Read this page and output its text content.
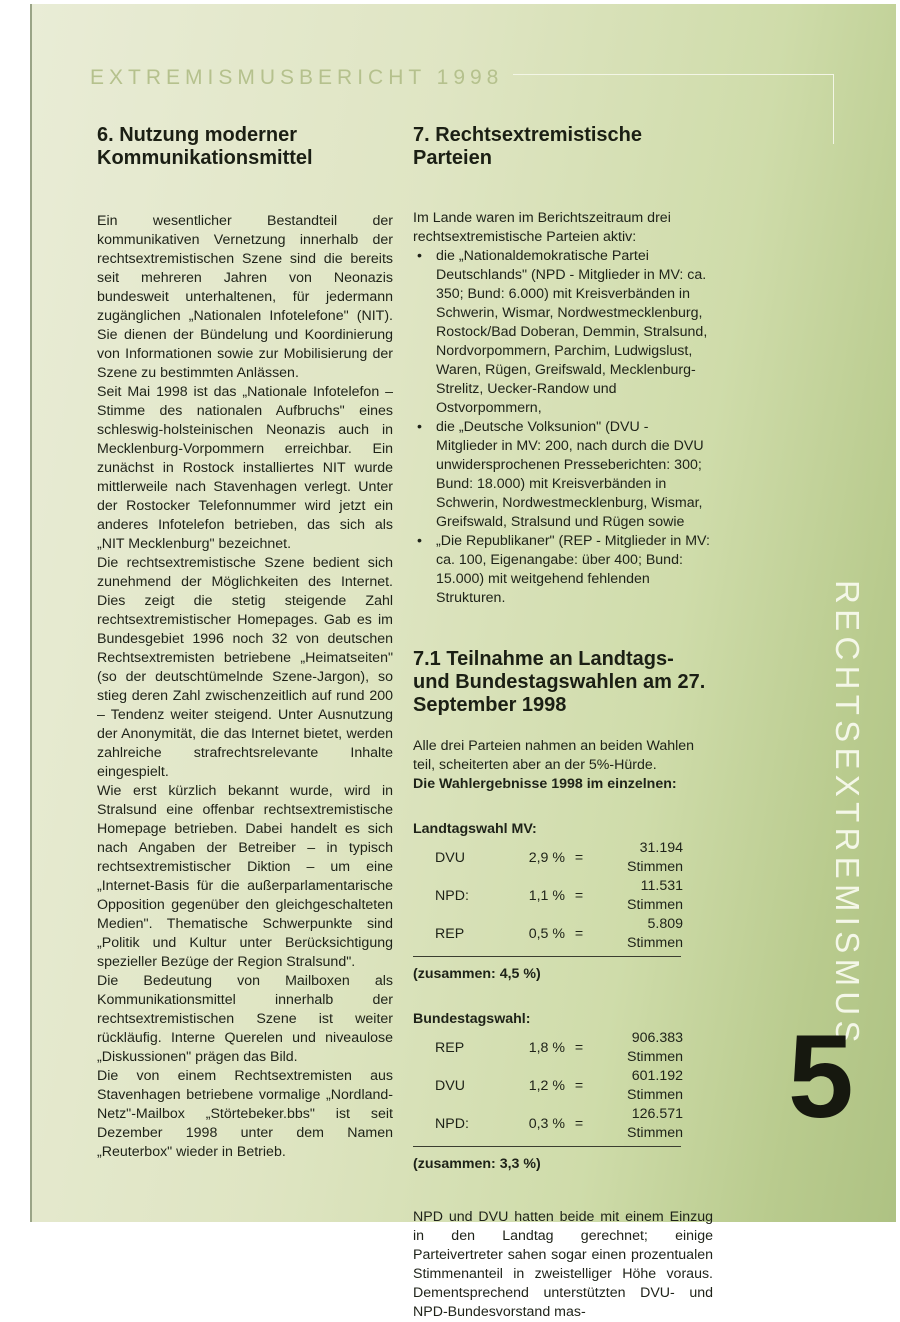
EXTREMISMUSBERICHT 1998
6. Nutzung moderner Kommunikationsmittel

Ein wesentlicher Bestandteil der kommunikativen Vernetzung innerhalb der rechtsextremistischen Szene sind die bereits seit mehreren Jahren von Neonazis bundesweit unterhaltenen, für jedermann zugänglichen „Nationalen Infotelefone" (NIT). Sie dienen der Bündelung und Koordinierung von Informationen sowie zur Mobilisierung der Szene zu bestimmten Anlässen.

Seit Mai 1998 ist das „Nationale Infotelefon – Stimme des nationalen Aufbruchs" eines schleswig-holsteinischen Neonazis auch in Mecklenburg-Vorpommern erreichbar. Ein zunächst in Rostock installiertes NIT wurde mittlerweile nach Stavenhagen verlegt. Unter der Rostocker Telefonnummer wird jetzt ein anderes Infotelefon betrieben, das sich als „NIT Mecklenburg" bezeichnet.

Die rechtsextremistische Szene bedient sich zunehmend der Möglichkeiten des Internet. Dies zeigt die stetig steigende Zahl rechtsextremistischer Homepages. Gab es im Bundesgebiet 1996 noch 32 von deutschen Rechtsextremisten betriebene „Heimatseiten" (so der deutschtümelnde Szene-Jargon), so stieg deren Zahl zwischenzeitlich auf rund 200 – Tendenz weiter steigend. Unter Ausnutzung der Anonymität, die das Internet bietet, werden zahlreiche strafrechtsrelevante Inhalte eingespielt.

Wie erst kürzlich bekannt wurde, wird in Stralsund eine offenbar rechtsextremistische Homepage betrieben. Dabei handelt es sich nach Angaben der Betreiber – in typisch rechtsextremistischer Diktion – um eine „Internet-Basis für die außerparlamentarische Opposition gegenüber den gleichgeschalteten Medien". Thematische Schwerpunkte sind „Politik und Kultur unter Berücksichtigung spezieller Bezüge der Region Stralsund".

Die Bedeutung von Mailboxen als Kommunikationsmittel innerhalb der rechtsextremistischen Szene ist weiter rückläufig. Interne Querelen und niveaulose „Diskussionen" prägen das Bild.

Die von einem Rechtsextremisten aus Stavenhagen betriebene vormalige „Nordland-Netz"-Mailbox „Störtebeker.bbs" ist seit Dezember 1998 unter dem Namen „Reuterbox" wieder in Betrieb.

7. Rechtsextremistische Parteien

Im Lande waren im Berichtszeitraum drei rechtsextremistische Parteien aktiv:

• die „Nationaldemokratische Partei Deutschlands" (NPD - Mitglieder in MV: ca. 350; Bund: 6.000) mit Kreisverbänden in Schwerin, Wismar, Nordwestmecklenburg, Rostock/Bad Doberan, Demmin, Stralsund, Nordvorpommern, Parchim, Ludwigslust, Waren, Rügen, Greifswald, Mecklenburg-Strelitz, Uecker-Randow und Ostvorpommern,
• die „Deutsche Volksunion" (DVU - Mitglieder in MV: 200, nach durch die DVU unwidersprochenen Presseberichten: 300; Bund: 18.000) mit Kreisverbänden in Schwerin, Nordwestmecklenburg, Wismar, Greifswald, Stralsund und Rügen sowie
• „Die Republikaner" (REP - Mitglieder in MV: ca. 100, Eigenangabe: über 400; Bund: 15.000) mit weitgehend fehlenden Strukturen.
7.1 Teilnahme an Landtags- und Bundestagswahlen am 27. September 1998

Alle drei Parteien nahmen an beiden Wahlen teil, scheiterten aber an der 5%-Hürde.

Die Wahlergebnisse 1998 im einzelnen:
Landtagswahl MV:
DVU	2,9 %	=	31.194 Stimmen
NPD:	1,1 %	=	11.531 Stimmen
REP	0,5 %	=	5.809 Stimmen
(zusammen: 4,5 %)
Bundestagswahl:
REP	1,8 %	=	906.383 Stimmen
DVU	1,2 %	=	601.192 Stimmen
NPD:	0,3 %	=	126.571 Stimmen
(zusammen: 3,3 %)

NPD und DVU hatten beide mit einem Einzug in den Landtag gerechnet; einige Parteivertreter sahen sogar einen prozentualen Stimmenanteil in zweistelliger Höhe voraus. Dementsprechend unterstützten DVU- und NPD-Bundesvorstand mas-

RECHTSEXTREMISMUS
5
